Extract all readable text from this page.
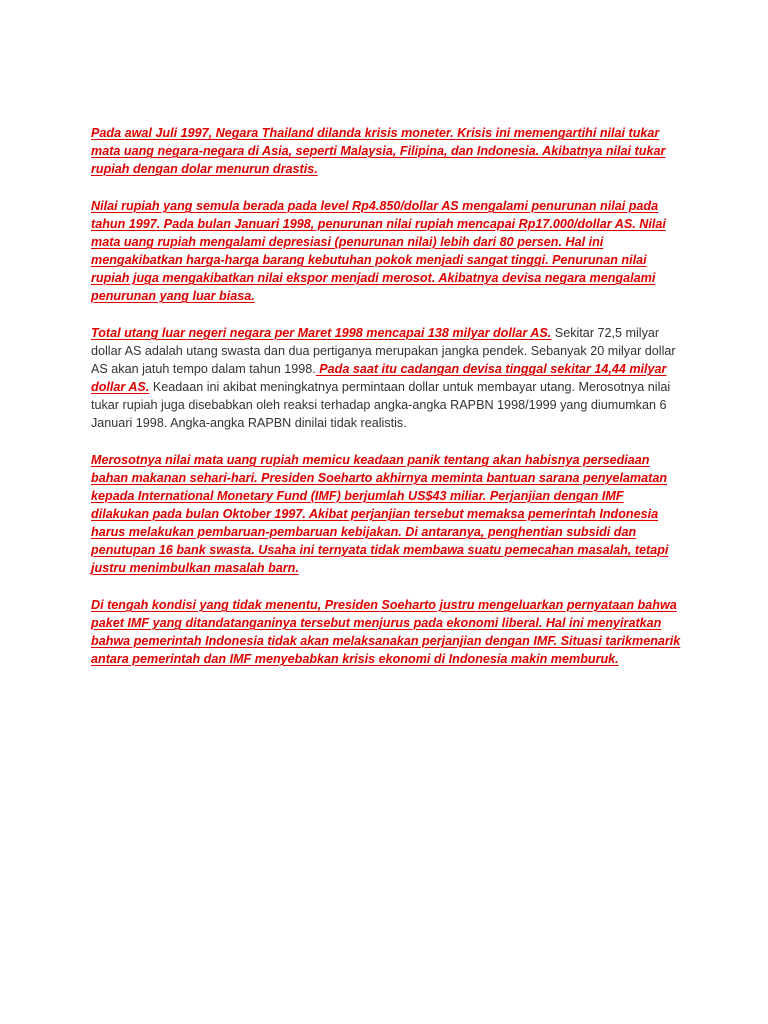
Pada awal Juli 1997, Negara Thailand dilanda krisis moneter. Krisis ini memengartihi nilai tukar mata uang negara-negara di Asia, seperti Malaysia, Filipina, dan Indonesia. Akibatnya nilai tukar rupiah dengan dolar menurun drastis.

Nilai rupiah yang semula berada pada level Rp4.850/dollar AS mengalami penurunan nilai pada tahun 1997. Pada bulan Januari 1998, penurunan nilai rupiah mencapai Rp17.000/dollar AS. Nilai mata uang rupiah mengalami depresiasi (penurunan nilai) lebih dari 80 persen. Hal ini mengakibatkan harga-harga barang kebutuhan pokok menjadi sangat tinggi. Penurunan nilai rupiah juga mengakibatkan nilai ekspor menjadi merosot. Akibatnya devisa negara mengalami penurunan yang luar biasa.

Total utang luar negeri negara per Maret 1998 mencapai 138 milyar dollar AS. Sekitar 72,5 milyar dollar AS adalah utang swasta dan dua pertiganya merupakan jangka pendek. Sebanyak 20 milyar dollar AS akan jatuh tempo dalam tahun 1998. Pada saat itu cadangan devisa tinggal sekitar 14,44 milyar dollar AS. Keadaan ini akibat meningkatnya permintaan dollar untuk membayar utang. Merosotnya nilai tukar rupiah juga disebabkan oleh reaksi terhadap angka-angka RAPBN 1998/1999 yang diumumkan 6 Januari 1998. Angka-angka RAPBN dinilai tidak realistis.

Merosotnya nilai mata uang rupiah memicu keadaan panik tentang akan habisnya persediaan bahan makanan sehari-hari. Presiden Soeharto akhirnya meminta bantuan sarana penyelamatan kepada International Monetary Fund (IMF) berjumlah US$43 miliar. Perjanjian dengan IMF dilakukan pada bulan Oktober 1997. Akibat perjanjian tersebut memaksa pemerintah Indonesia harus melakukan pembaruan-pembaruan kebijakan. Di antaranya, penghentian subsidi dan penutupan 16 bank swasta. Usaha ini ternyata tidak membawa suatu pemecahan masalah, tetapi justru menimbulkan masalah barn.

Di tengah kondisi yang tidak menentu, Presiden Soeharto justru mengeluarkan pernyataan bahwa paket IMF yang ditandatanganinya tersebut menjurus pada ekonomi liberal. Hal ini menyiratkan bahwa pemerintah Indonesia tidak akan melaksanakan perjanjian dengan IMF. Situasi tarikmenarik antara pemerintah dan IMF menyebabkan krisis ekonomi di Indonesia makin memburuk.
